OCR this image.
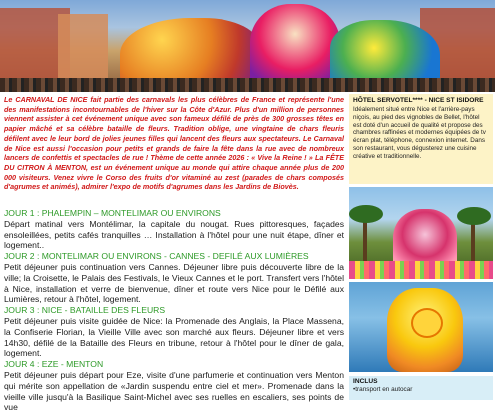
Le CARNAVAL DE NICE fait partie des carnavals les plus célèbres de France et représente l'une des manifestations incontournables de l'hiver sur la Côte d'Azur. Plus d'un million de personnes viennent assister à cet événement unique avec son fameux défilé de près de 300 grosses têtes en papier mâché et sa célèbre bataille de fleurs. Tradition oblige, une vingtaine de chars fleuris défilent avec le leur bord de jolies jeunes filles qui lancent des fleurs aux spectateurs. Le Carnaval de Nice est aussi l'occasion pour petits et grands de faire la fête dans la rue avec de nombreux lancers de confettis et spectacles de rue ! Thème de cette année 2026 : « Vive la Reine ! » La FÊTE DU CITRON À MENTON, est un événement unique au monde qui attire chaque année plus de 200 000 visiteurs. Venez vivre le Corso des fruits d'or vitaminé au zest (parades de chars composés d'agrumes et animés), admirer l'expo de motifs d'agrumes dans les Jardins de Biovès.

JOUR 1 : PHALEMPIN – MONTELIMAR OU ENVIRONS

Départ matinal vers Montélimar, la capitale du nougat. Rues pittoresques, façades ensoleillées, petits cafés tranquilles … Installation à l'hôtel pour une nuit étape, dîner et logement..

JOUR 2 : MONTELIMAR OU ENVIRONS - CANNES - DEFILÉ AUX LUMIÈRES

Petit déjeuner puis continuation vers Cannes. Déjeuner libre puis découverte libre de la ville; la Croisette, le Palais des Festivals, le Vieux Cannes et le port. Transfert vers l'hôtel à Nice, installation et verre de bienvenue, dîner et route vers Nice pour le Défilé aux Lumières, retour à l'hôtel, logement.

JOUR 3 : NICE - BATAILLE DES FLEURS

Petit déjeuner puis visite guidée de Nice: la Promenade des Anglais, la Place Massena, la Confiserie Florian, la Vieille Ville avec son marché aux fleurs. Déjeuner libre et vers 14h30, défilé de la Bataille des Fleurs en tribune, retour à l'hôtel pour le dîner de gala, logement.

JOUR 4 : EZE - MENTON

Petit déjeuner puis départ pour Eze, visite d'une parfumerie et continuation vers Menton qui mérite son appellation de «Jardin suspendu entre ciel et mer». Promenade dans la vieille ville jusqu'à la Basilique Saint-Michel avec ses ruelles en escaliers, ses points de vue

HÔTEL SERVOTEL**** - NICE ST ISIDORE

Idéalement situé entre Nice et l'arrière-pays niçois, au pied des vignobles de Bellet, l'hôtel est doté d'un accueil de qualité et propose des chambres raffinées et modernes équipées de tv écran plat, téléphone, connexion internet. Dans son restaurant, vous dégusterez une cuisine créative et traditionnelle.

INCLUS

•transport en autocar
